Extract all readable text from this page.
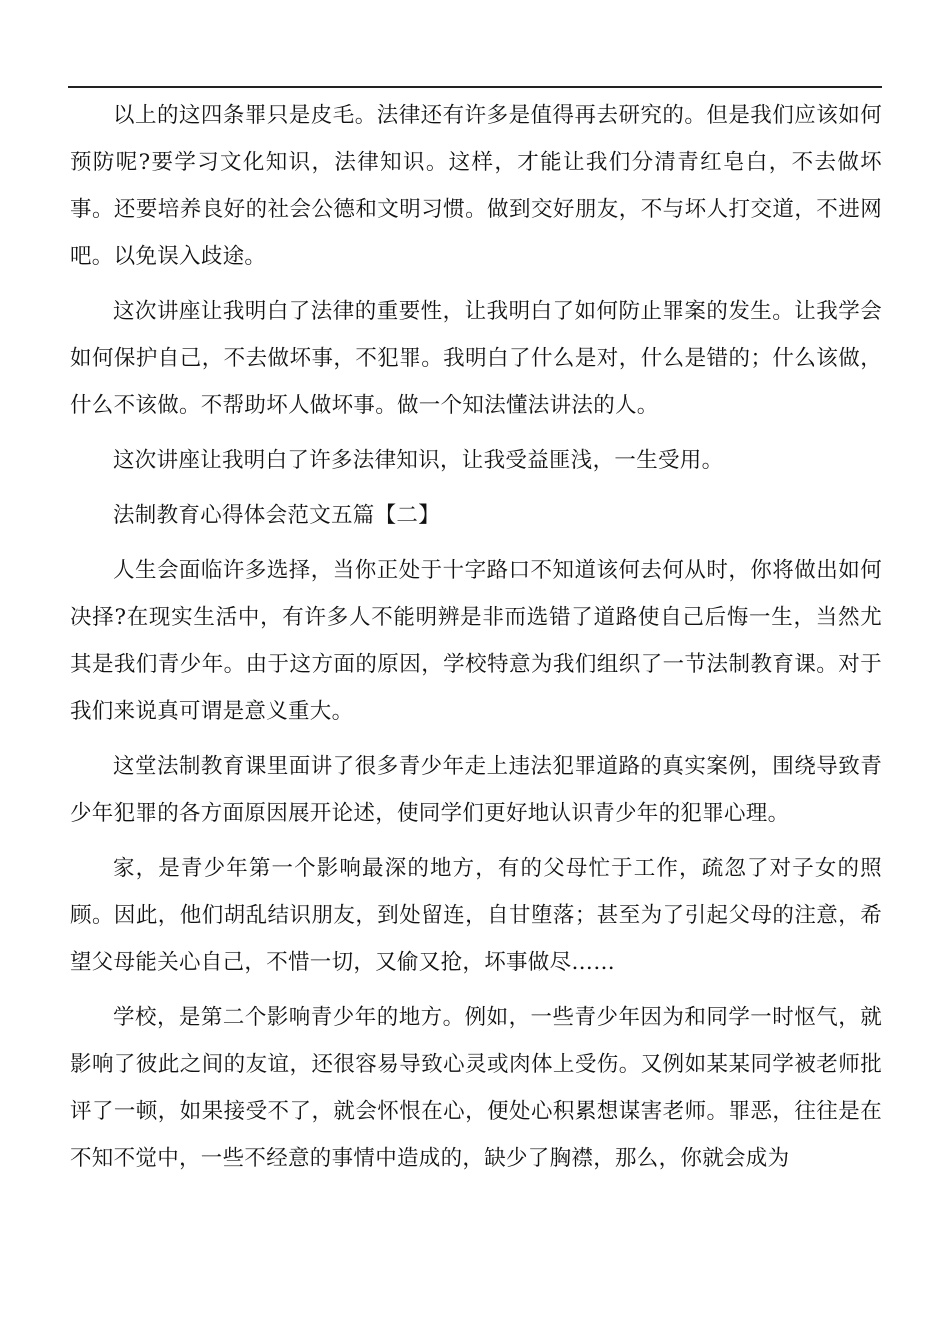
以上的这四条罪只是皮毛。法律还有许多是值得再去研究的。但是我们应该如何预防呢?要学习文化知识，法律知识。这样，才能让我们分清青红皂白，不去做坏事。还要培养良好的社会公德和文明习惯。做到交好朋友，不与坏人打交道，不进网吧。以免误入歧途。

这次讲座让我明白了法律的重要性，让我明白了如何防止罪案的发生。让我学会如何保护自己，不去做坏事，不犯罪。我明白了什么是对，什么是错的；什么该做，什么不该做。不帮助坏人做坏事。做一个知法懂法讲法的人。

这次讲座让我明白了许多法律知识，让我受益匪浅，一生受用。

法制教育心得体会范文五篇【二】

人生会面临许多选择，当你正处于十字路口不知道该何去何从时，你将做出如何决择?在现实生活中，有许多人不能明辨是非而选错了道路使自己后悔一生，当然尤其是我们青少年。由于这方面的原因，学校特意为我们组织了一节法制教育课。对于我们来说真可谓是意义重大。

这堂法制教育课里面讲了很多青少年走上违法犯罪道路的真实案例，围绕导致青少年犯罪的各方面原因展开论述，使同学们更好地认识青少年的犯罪心理。

家，是青少年第一个影响最深的地方，有的父母忙于工作，疏忽了对子女的照顾。因此，他们胡乱结识朋友，到处留连，自甘堕落；甚至为了引起父母的注意，希望父母能关心自己，不惜一切，又偷又抢，坏事做尽……

学校，是第二个影响青少年的地方。例如，一些青少年因为和同学一时怄气，就影响了彼此之间的友谊，还很容易导致心灵或肉体上受伤。又例如某某同学被老师批评了一顿，如果接受不了，就会怀恨在心，便处心积累想谋害老师。罪恶，往往是在不知不觉中，一些不经意的事情中造成的，缺少了胸襟，那么，你就会成为
